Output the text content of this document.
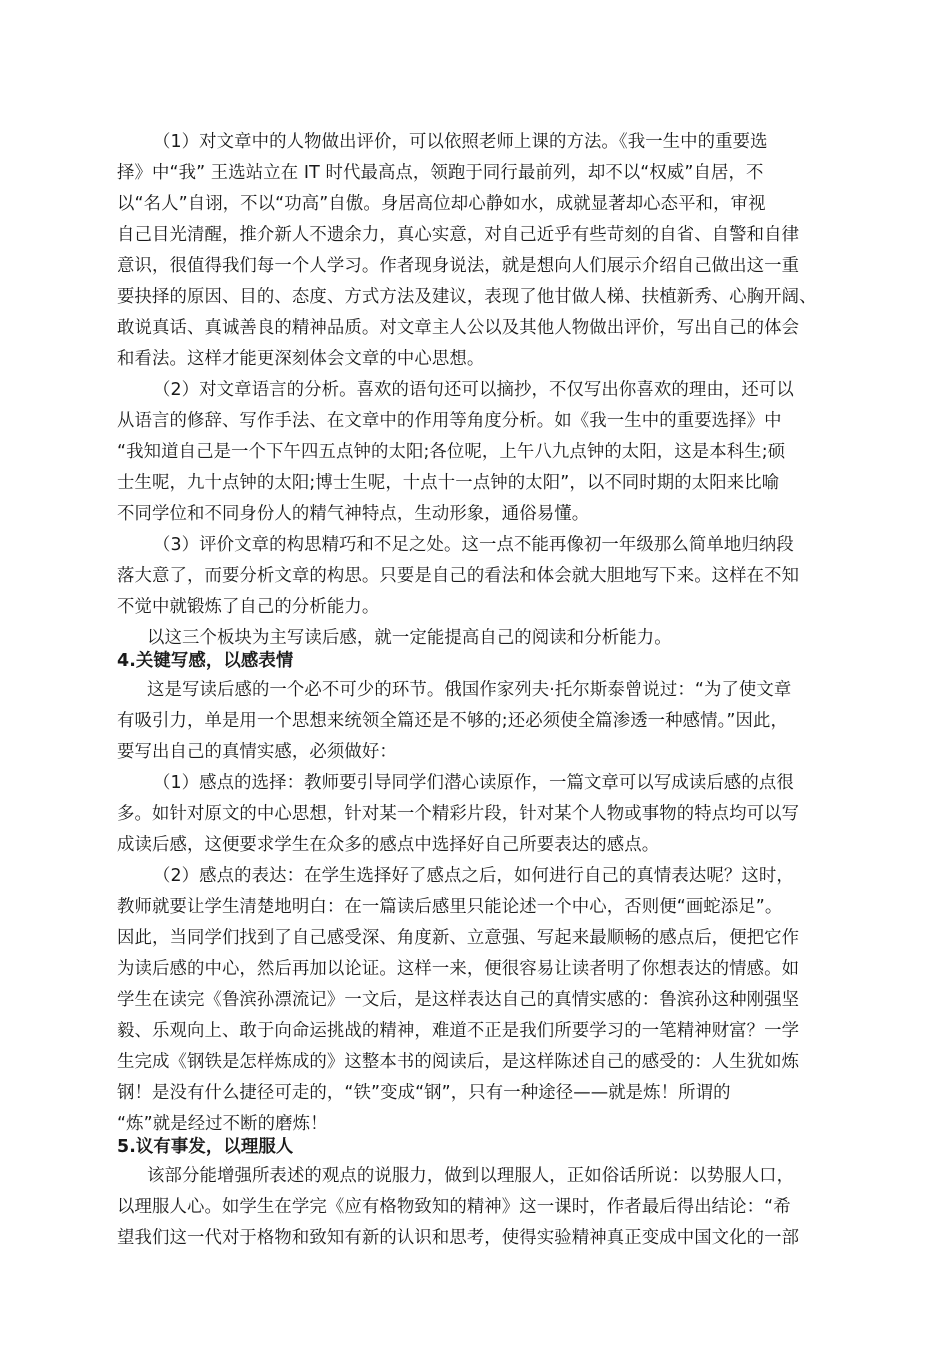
（1）对文章中的人物做出评价，可以依照老师上课的方法。《我一生中的重要选
择》中“我” 王选站立在 IT 时代最高点，领跑于同行最前列，却不以“权威”自居，不
以“名人”自诩，不以“功高”自傲。身居高位却心静如水，成就显著却心态平和，审视
自己目光清醒，推介新人不遗余力，真心实意，对自己近乎有些苛刻的自省、自警和自律
意识，很值得我们每一个人学习。作者现身说法，就是想向人们展示介绍自己做出这一重
要抉择的原因、目的、态度、方式方法及建议，表现了他甘做人梯、扶植新秀、心胸开阔、
敢说真话、真诚善良的精神品质。对文章主人公以及其他人物做出评价，写出自己的体会
和看法。这样才能更深刻体会文章的中心思想。
（2）对文章语言的分析。喜欢的语句还可以摘抄，不仅写出你喜欢的理由，还可以
从语言的修辞、写作手法、在文章中的作用等角度分析。如《我一生中的重要选择》中
“我知道自己是一个下午四五点钟的太阳;各位呢，上午八九点钟的太阳，这是本科生;硕
士生呢，九十点钟的太阳;博士生呢，十点十一点钟的太阳”，以不同时期的太阳来比喻
不同学位和不同身份人的精气神特点，生动形象，通俗易懂。
（3）评价文章的构思精巧和不足之处。这一点不能再像初一年级那么简单地归纳段
落大意了，而要分析文章的构思。只要是自己的看法和体会就大胆地写下来。这样在不知
不觉中就锻炼了自己的分析能力。
以这三个板块为主写读后感，就一定能提高自己的阅读和分析能力。
4.关键写感，以感表情
这是写读后感的一个必不可少的环节。俄国作家列夫·托尔斯泰曾说过：“为了使文章
有吸引力，单是用一个思想来统领全篇还是不够的;还必须使全篇渗透一种感情。”因此，
要写出自己的真情实感，必须做好：
（1）感点的选择：教师要引导同学们潜心读原作，一篇文章可以写成读后感的点很
多。如针对原文的中心思想，针对某一个精彩片段，针对某个人物或事物的特点均可以写
成读后感，这便要求学生在众多的感点中选择好自己所要表达的感点。
（2）感点的表达：在学生选择好了感点之后，如何进行自己的真情表达呢？这时，
教师就要让学生清楚地明白：在一篇读后感里只能论述一个中心，否则便“画蛇添足”。
因此，当同学们找到了自己感受深、角度新、立意强、写起来最顺畅的感点后，便把它作
为读后感的中心，然后再加以论证。这样一来，便很容易让读者明了你想表达的情感。如
学生在读完《鲁滨孙漂流记》一文后，是这样表达自己的真情实感的：鲁滨孙这种刚强坚
毅、乐观向上、敢于向命运挑战的精神，难道不正是我们所要学习的一笔精神财富？一学
生完成《钢铁是怎样炼成的》这整本书的阅读后，是这样陈述自己的感受的：人生犹如炼
钢！是没有什么捷径可走的，“铁”变成“钢”，只有一种途径——就是炼！所谓的
“炼”就是经过不断的磨炼！
5.议有事发，以理服人
该部分能增强所表述的观点的说服力，做到以理服人，正如俗话所说：以势服人口，
以理服人心。如学生在学完《应有格物致知的精神》这一课时，作者最后得出结论：“希
望我们这一代对于格物和致知有新的认识和思考，使得实验精神真正变成中国文化的一部
